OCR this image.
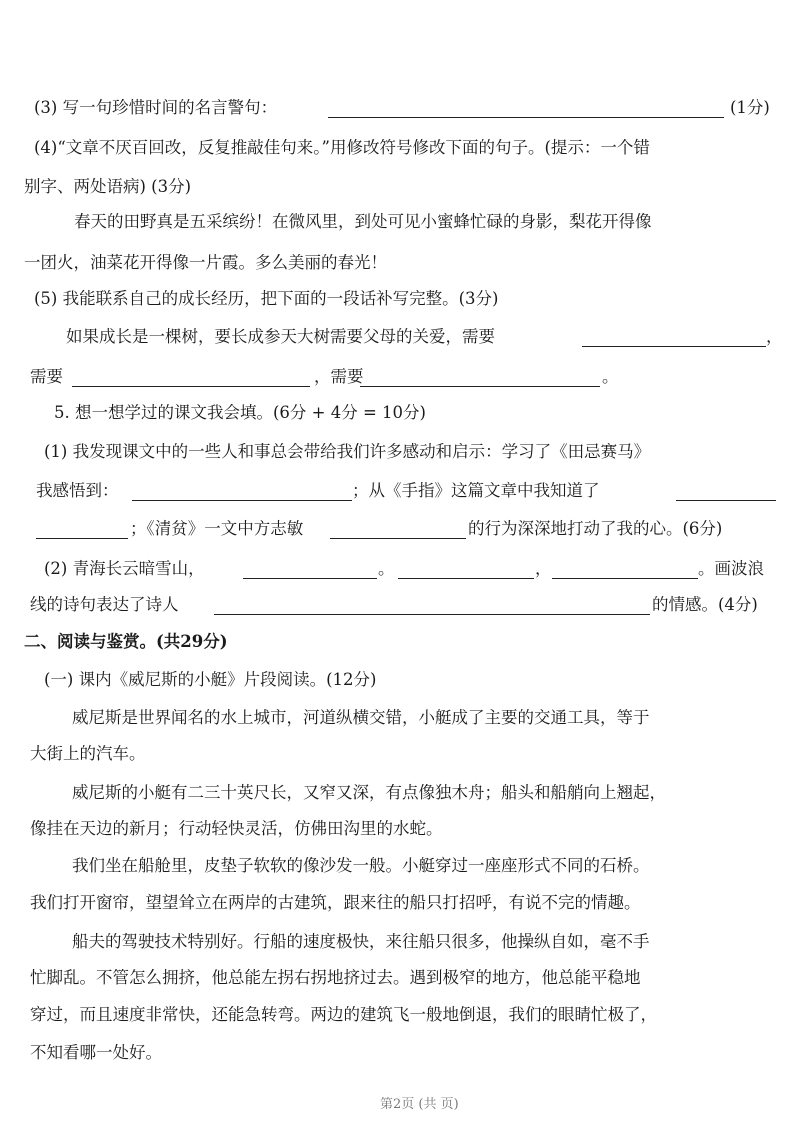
(3) 写一句珍惜时间的名言警句：	(1分)
(4)“文章不厌百回改，反复推敲佳句来。”用修改符号修改下面的句子。(提示：一个错
别字、两处语病) (3分)
春天的田野真是五采缤纷！在微风里，到处可见小蜜蜂忙碌的身影，梨花开得像
一团火，油菜花开得像一片霞。多么美丽的春光！
(5) 我能联系自己的成长经历，把下面的一段话补写完整。(3分)
如果成长是一棵树，要长成参天大树需要父母的关爱，需要	，
需要	，需要	。
5. 想一想学过的课文我会填。(6分 + 4分 = 10分)
(1) 我发现课文中的一些人和事总会带给我们许多感动和启示：学习了《田忌赛马》
我感悟到：	；从《手指》这篇文章中我知道了
；《清贫》一文中方志敏	的行为深深地打动了我的心。(6分)
(2) 青海长云暗雪山，	。	，	。画波浪
线的诗句表达了诗人	的情感。(4分)
二、阅读与鉴赏。(共29分)
(一) 课内《威尼斯的小艇》片段阅读。(12分)
威尼斯是世界闻名的水上城市，河道纵横交错，小艇成了主要的交通工具，等于
大街上的汽车。
威尼斯的小艇有二三十英尺长，又窄又深，有点像独木舟；船头和船艄向上翘起，
像挂在天边的新月；行动轻快灵活，仿佛田沟里的水蛇。
我们坐在船舱里，皮垫子软软的像沙发一般。小艇穿过一座座形式不同的石桥。
我们打开窗帘，望望耸立在两岸的古建筑，跟来往的船只打招呼，有说不完的情趣。
船夫的驾驶技术特别好。行船的速度极快，来往船只很多，他操纵自如，毫不手
忙脚乱。不管怎么拥挤，他总能左拐右拐地挤过去。遇到极窄的地方，他总能平稳地
穿过，而且速度非常快，还能急转弯。两边的建筑飞一般地倒退，我们的眼睛忙极了，
不知看哪一处好。
第2页 (共 页)
